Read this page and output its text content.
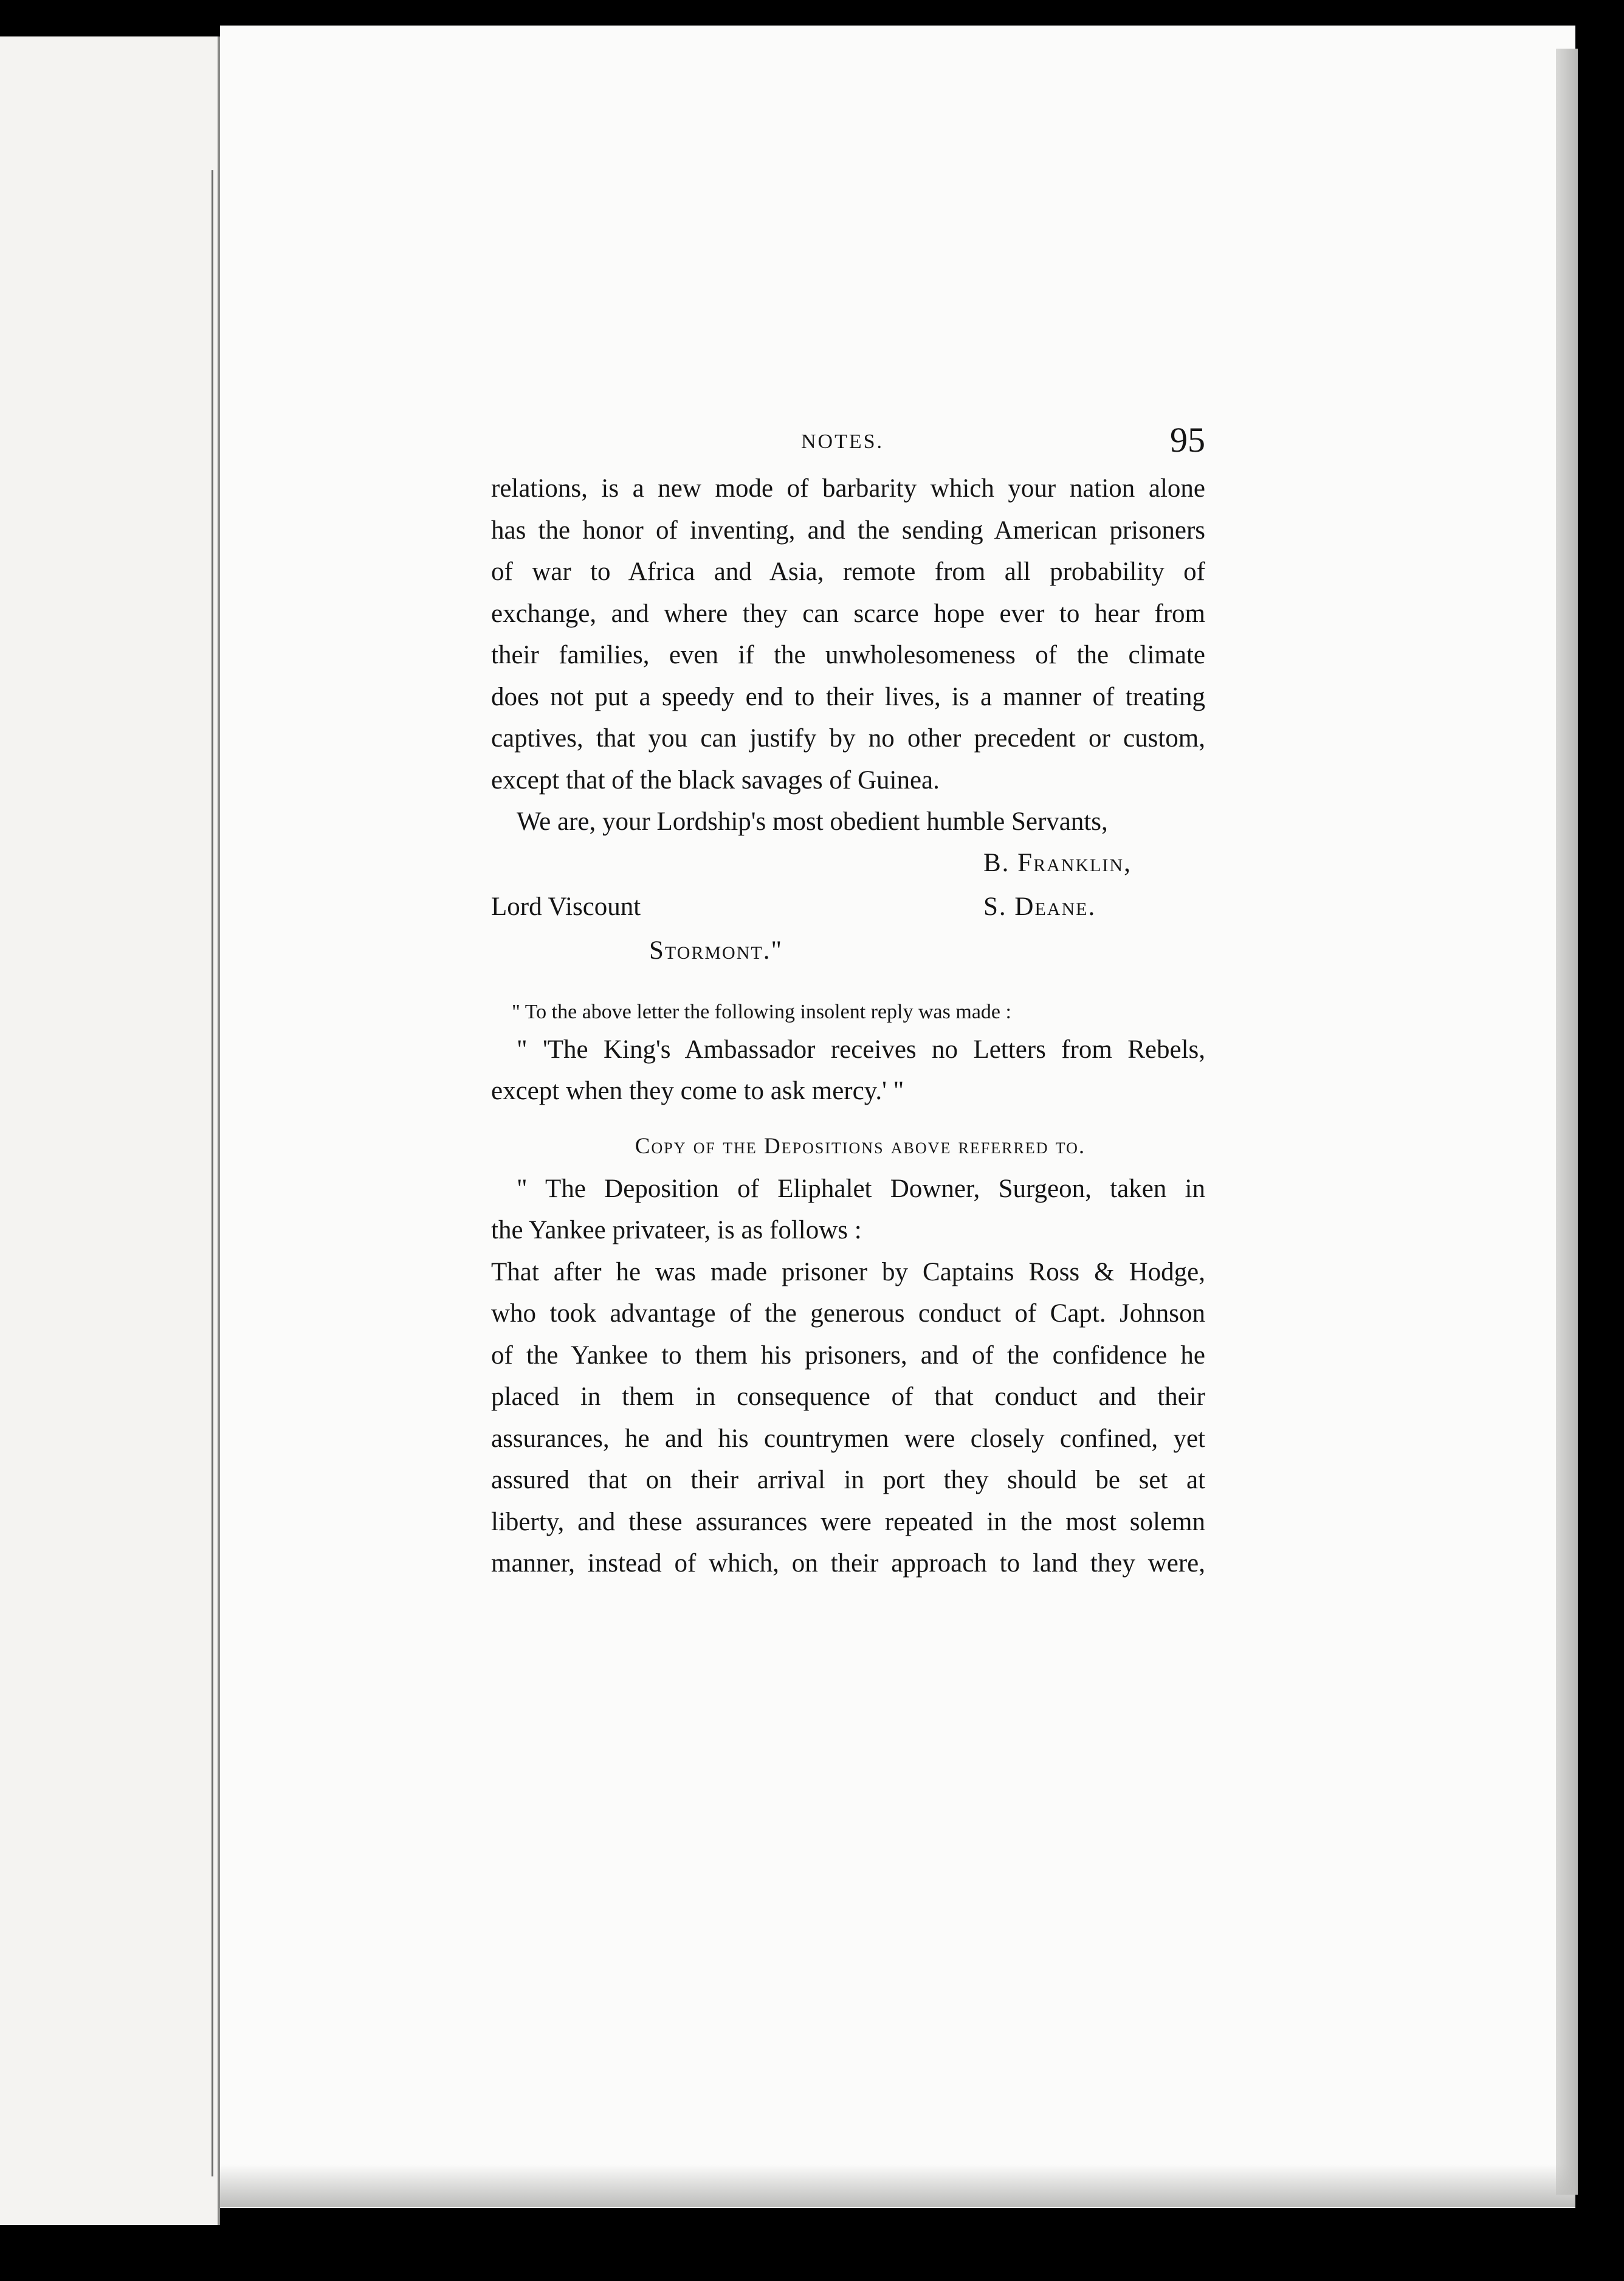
NOTES.	95
relations, is a new mode of barbarity which your nation alone
has the honor of inventing, and the sending American prisoners
of war to Africa and Asia, remote from all probability of
exchange, and where they can scarce hope ever to hear from
their families, even if the unwholesomeness of the climate
does not put a speedy end to their lives, is a manner of treating
captives, that you can justify by no other precedent or custom,
except that of the black savages of Guinea.
We are, your Lordship's most obedient humble Servants,
B. Franklin,
Lord Viscount	S. Deane.
Stormont."
" To the above letter the following insolent reply was made :
" 'The King's Ambassador receives no Letters from Rebels,
except when they come to ask mercy.' "
Copy of the Depositions above referred to.
" The Deposition of Eliphalet Downer, Surgeon, taken in
the Yankee privateer, is as follows :
That after he was made prisoner by Captains Ross & Hodge,
who took advantage of the generous conduct of Capt. Johnson
of the Yankee to them his prisoners, and of the confidence he
placed in them in consequence of that conduct and their
assurances, he and his countrymen were closely confined, yet
assured that on their arrival in port they should be set at
liberty, and these assurances were repeated in the most solemn
manner, instead of which, on their approach to land they were,
